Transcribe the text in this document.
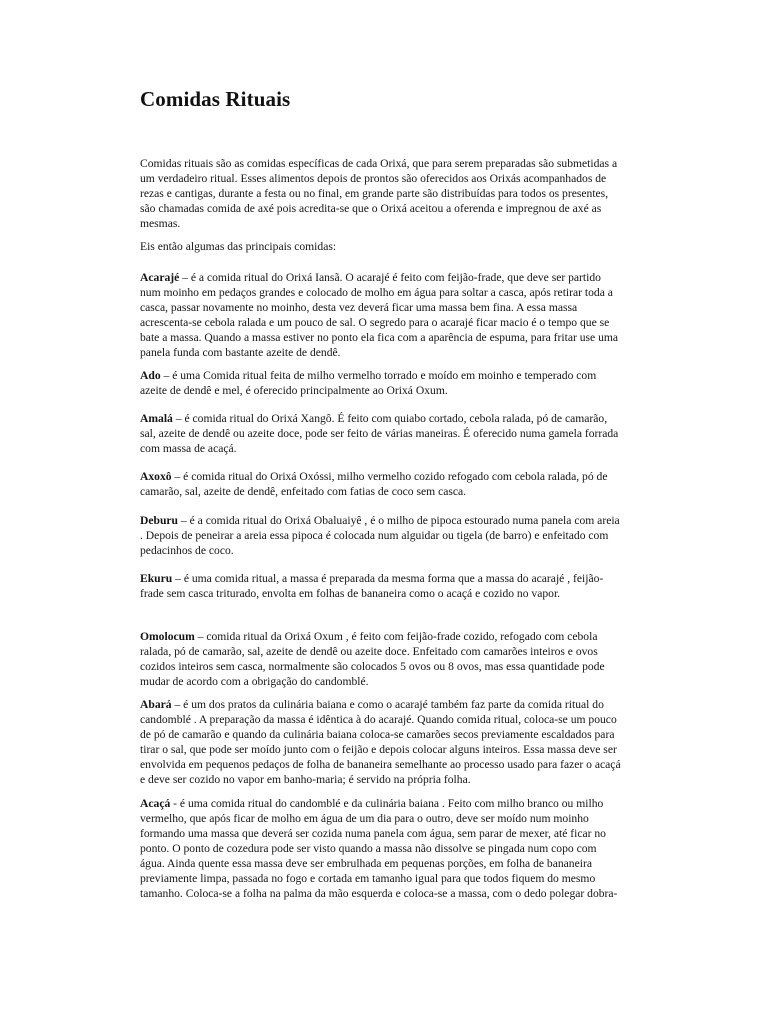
Comidas Rituais

Comidas rituais são as comidas específicas de cada Orixá, que para serem preparadas são submetidas a
um verdadeiro ritual. Esses alimentos depois de prontos são oferecidos aos Orixás acompanhados de
rezas e cantigas, durante a festa ou no final, em grande parte são distribuídas para todos os presentes,
são chamadas comida de axé pois acredita-se que o Orixá aceitou a oferenda e impregnou de axé as
mesmas.

Eis então algumas das principais comidas:

Acarajé – é a comida ritual do Orixá Iansã. O acarajé é feito com feijão-frade, que deve ser partido
num moinho em pedaços grandes e colocado de molho em água para soltar a casca, após retirar toda a
casca, passar novamente no moinho, desta vez deverá ficar uma massa bem fina. A essa massa
acrescenta-se cebola ralada e um pouco de sal. O segredo para o acarajé ficar macio é o tempo que se
bate a massa. Quando a massa estiver no ponto ela fica com a aparência de espuma, para fritar use uma
panela funda com bastante azeite de dendê.

Ado – é uma Comida ritual feita de milho vermelho torrado e moído em moinho e temperado com
azeite de dendê e mel, é oferecido principalmente ao Orixá Oxum.

Amalá – é comida ritual do Orixá Xangô. É feito com quiabo cortado, cebola ralada, pó de camarão,
sal, azeite de dendê ou azeite doce, pode ser feito de várias maneiras. É oferecido numa gamela forrada
com massa de acaçá.

Axoxô – é comida ritual do Orixá Oxóssi, milho vermelho cozido refogado com cebola ralada, pó de
camarão, sal, azeite de dendê, enfeitado com fatias de coco sem casca.

Deburu – é a comida ritual do Orixá Obaluaiyê , é o milho de pipoca estourado numa panela com areia
. Depois de peneirar a areia essa pipoca é colocada num alguidar ou tigela (de barro) e enfeitado com
pedacinhos de coco.

Ekuru – é uma comida ritual, a massa é preparada da mesma forma que a massa do acarajé , feijão-
frade sem casca triturado, envolta em folhas de bananeira como o acaçá e cozido no vapor.

Omolocum – comida ritual da Orixá Oxum , é feito com feijão-frade cozido, refogado com cebola
ralada, pó de camarão, sal, azeite de dendê ou azeite doce. Enfeitado com camarões inteiros e ovos
cozidos inteiros sem casca, normalmente são colocados 5 ovos ou 8 ovos, mas essa quantidade pode
mudar de acordo com a obrigação do candomblé.

Abará – é um dos pratos da culinária baiana e como o acarajé também faz parte da comida ritual do
candomblé . A preparação da massa é idêntica à do acarajé. Quando comida ritual, coloca-se um pouco
de pó de camarão e quando da culinária baiana coloca-se camarões secos previamente escaldados para
tirar o sal, que pode ser moído junto com o feijão e depois colocar alguns inteiros. Essa massa deve ser
envolvida em pequenos pedaços de folha de bananeira semelhante ao processo usado para fazer o acaçá
e deve ser cozido no vapor em banho-maria; é servido na própria folha.

Acaçá - é uma comida ritual do candomblé e da culinária baiana . Feito com milho branco ou milho
vermelho, que após ficar de molho em água de um dia para o outro, deve ser moído num moinho
formando uma massa que deverá ser cozida numa panela com água, sem parar de mexer, até ficar no
ponto. O ponto de cozedura pode ser visto quando a massa não dissolve se pingada num copo com
água. Ainda quente essa massa deve ser embrulhada em pequenas porções, em folha de bananeira
previamente limpa, passada no fogo e cortada em tamanho igual para que todos fiquem do mesmo
tamanho. Coloca-se a folha na palma da mão esquerda e coloca-se a massa, com o dedo polegar dobra-
